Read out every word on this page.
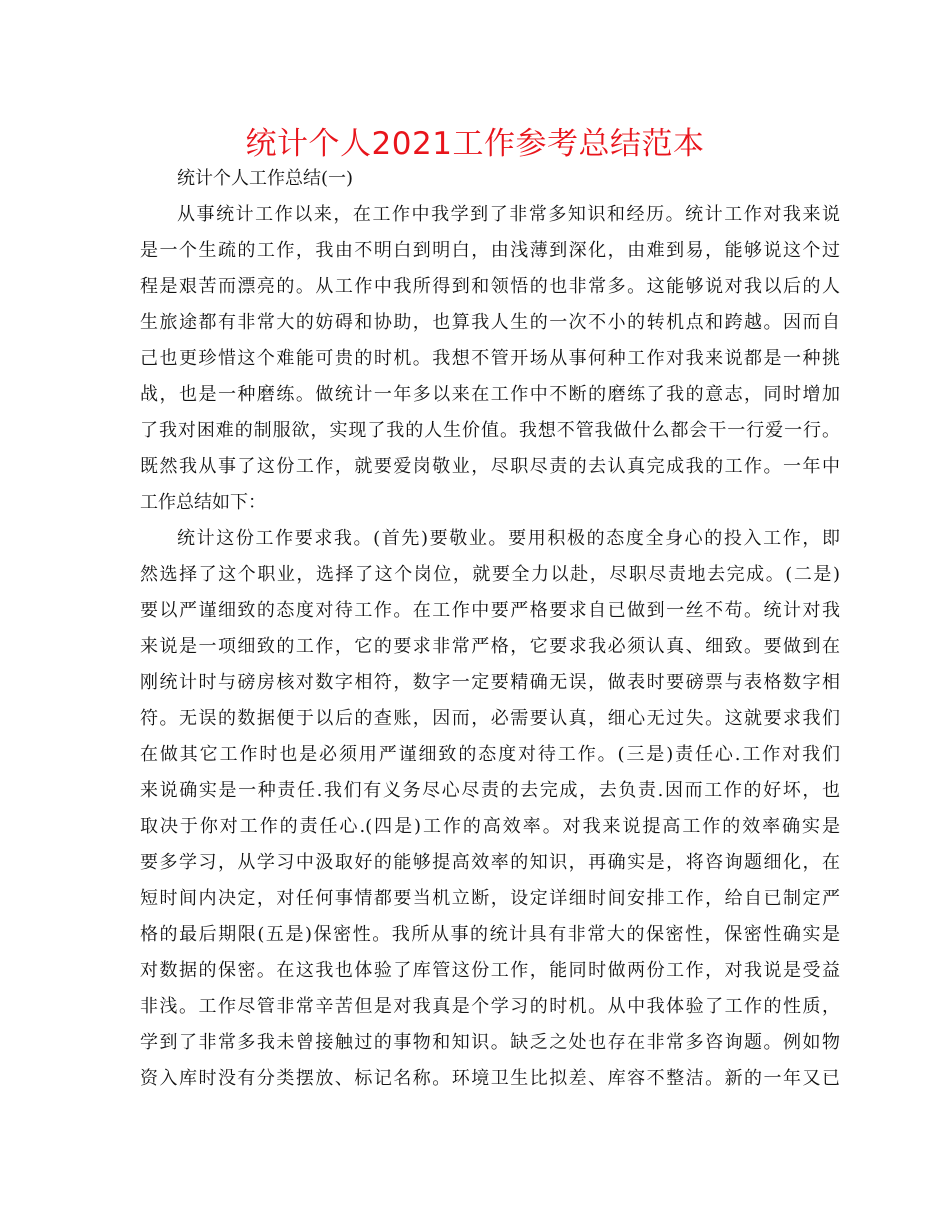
统计个人2021工作参考总结范本
统计个人工作总结(一)
从事统计工作以来，在工作中我学到了非常多知识和经历。统计工作对我来说
是一个生疏的工作，我由不明白到明白，由浅薄到深化，由难到易，能够说这个过
程是艰苦而漂亮的。从工作中我所得到和领悟的也非常多。这能够说对我以后的人
生旅途都有非常大的妨碍和协助，也算我人生的一次不小的转机点和跨越。因而自
己也更珍惜这个难能可贵的时机。我想不管开场从事何种工作对我来说都是一种挑
战，也是一种磨练。做统计一年多以来在工作中不断的磨练了我的意志，同时增加
了我对困难的制服欲，实现了我的人生价值。我想不管我做什么都会干一行爱一行。
既然我从事了这份工作，就要爱岗敬业，尽职尽责的去认真完成我的工作。一年中
工作总结如下：
统计这份工作要求我。(首先)要敬业。要用积极的态度全身心的投入工作，即
然选择了这个职业，选择了这个岗位，就要全力以赴，尽职尽责地去完成。(二是)
要以严谨细致的态度对待工作。在工作中要严格要求自已做到一丝不苟。统计对我
来说是一项细致的工作，它的要求非常严格，它要求我必须认真、细致。要做到在
刚统计时与磅房核对数字相符，数字一定要精确无误，做表时要磅票与表格数字相
符。无误的数据便于以后的查账，因而，必需要认真，细心无过失。这就要求我们
在做其它工作时也是必须用严谨细致的态度对待工作。(三是)责任心.工作对我们
来说确实是一种责任.我们有义务尽心尽责的去完成，去负责.因而工作的好坏，也
取决于你对工作的责任心.(四是)工作的高效率。对我来说提高工作的效率确实是
要多学习，从学习中汲取好的能够提高效率的知识，再确实是，将咨询题细化，在
短时间内决定，对任何事情都要当机立断，设定详细时间安排工作，给自已制定严
格的最后期限(五是)保密性。我所从事的统计具有非常大的保密性，保密性确实是
对数据的保密。在这我也体验了库管这份工作，能同时做两份工作，对我说是受益
非浅。工作尽管非常辛苦但是对我真是个学习的时机。从中我体验了工作的性质，
学到了非常多我未曾接触过的事物和知识。缺乏之处也存在非常多咨询题。例如物
资入库时没有分类摆放、标记名称。环境卫生比拟差、库容不整洁。新的一年又已
